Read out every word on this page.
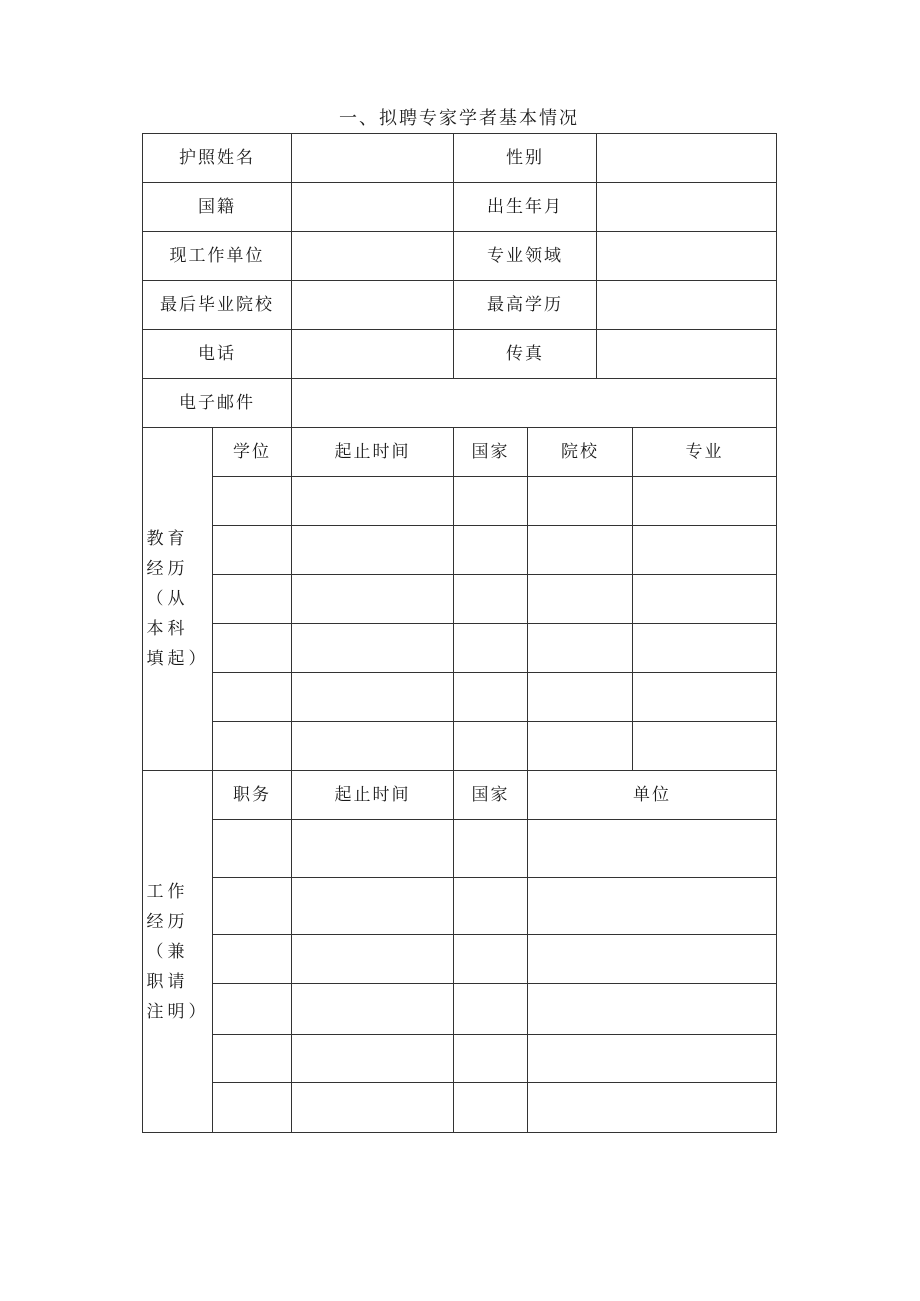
一、拟聘专家学者基本情况
护照姓名			性别			
国籍			出生年月			
现工作单位			专业领域			
最后毕业院校			最高学历			
电话			传真			
电子邮件						

教育经历（从本科填起）	学位	起止时间	国家	院校		专业

工作经历（兼职请注明）	职务	起止时间	国家	单位		
